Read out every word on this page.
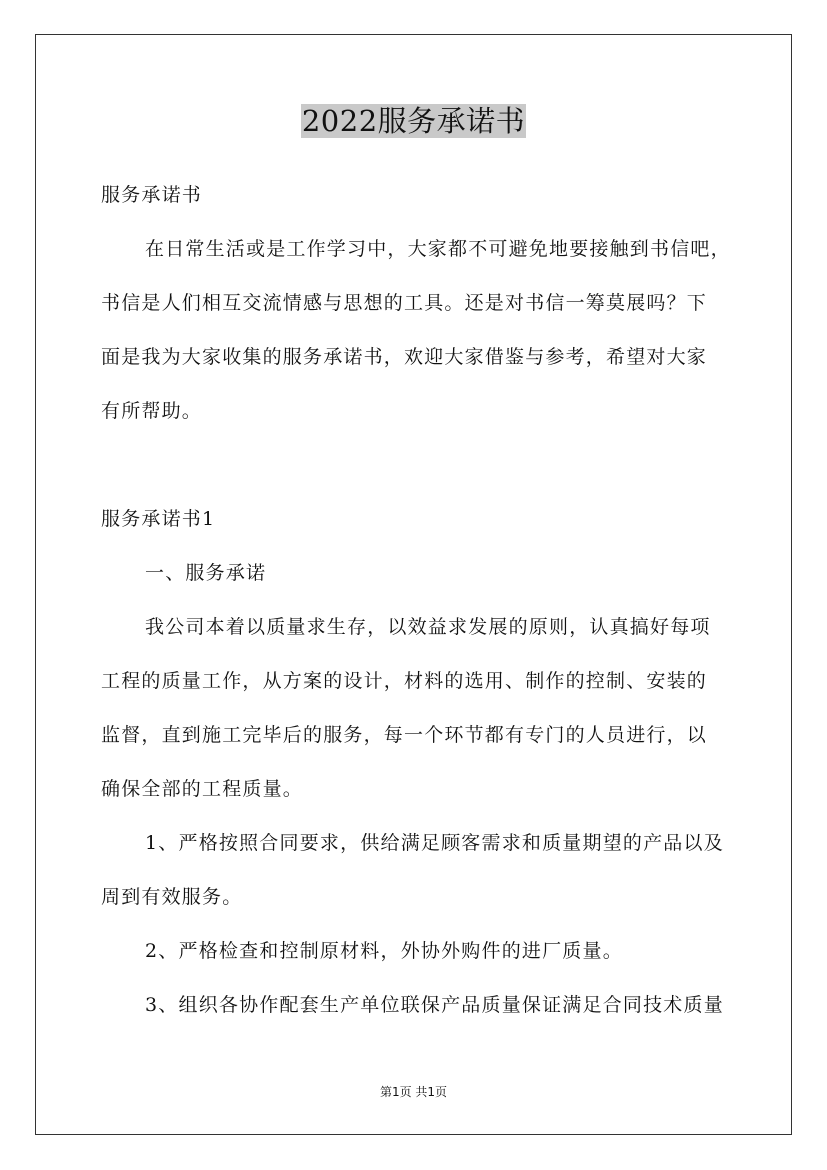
2022服务承诺书
服务承诺书
在日常生活或是工作学习中，大家都不可避免地要接触到书信吧，
书信是人们相互交流情感与思想的工具。还是对书信一筹莫展吗？下
面是我为大家收集的服务承诺书，欢迎大家借鉴与参考，希望对大家
有所帮助。
服务承诺书1
一、服务承诺
我公司本着以质量求生存，以效益求发展的原则，认真搞好每项
工程的质量工作，从方案的设计，材料的选用、制作的控制、安装的
监督，直到施工完毕后的服务，每一个环节都有专门的人员进行，以
确保全部的工程质量。
1、严格按照合同要求，供给满足顾客需求和质量期望的产品以及
周到有效服务。
2、严格检查和控制原材料，外协外购件的进厂质量。
3、组织各协作配套生产单位联保产品质量保证满足合同技术质量
第1页 共1页
